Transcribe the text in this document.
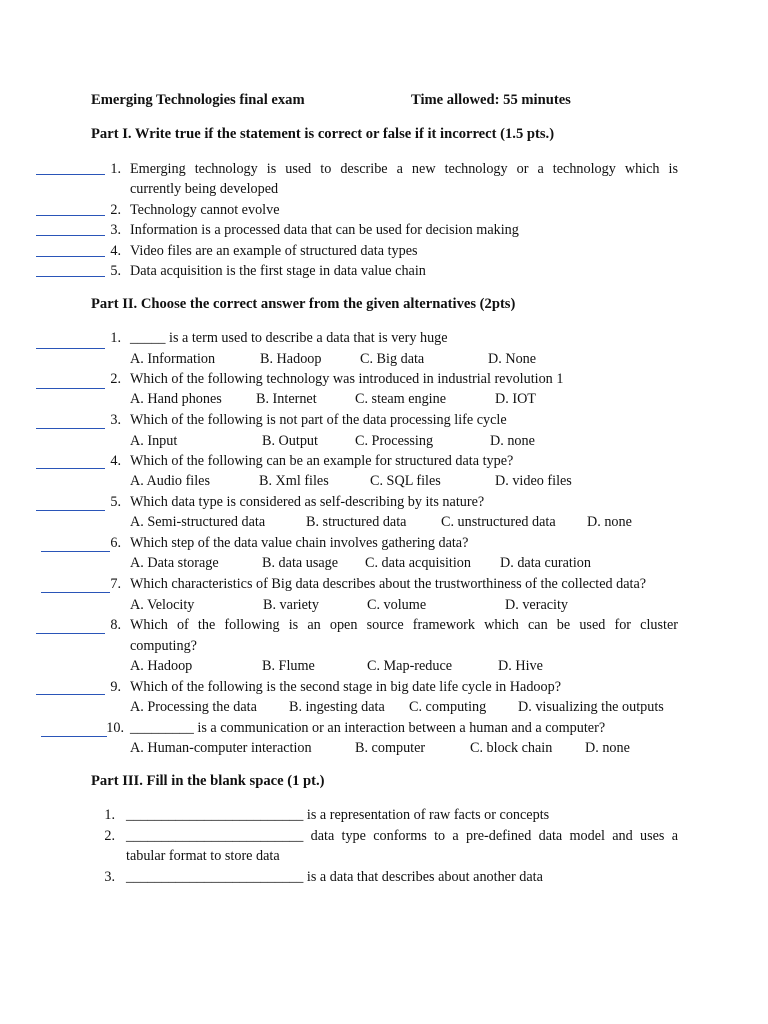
Emerging Technologies final exam	Time allowed: 55 minutes
Part I. Write true if the statement is correct or false if it incorrect (1.5 pts.)
1. Emerging technology is used to describe a new technology or a technology which is
currently being developed
2. Technology cannot evolve
3. Information is a processed data that can be used for decision making
4. Video files are an example of structured data types
5. Data acquisition is the first stage in data value chain
Part II. Choose the correct answer from the given alternatives (2pts)
1. _____ is a term used to describe a data that is very huge
A. Information	B. Hadoop	C. Big data	D. None
2. Which of the following technology was introduced in industrial revolution 1
A. Hand phones B. Internet	C. steam engine	D. IOT
3. Which of the following is not part of the data processing life cycle
A. Input	B. Output	C. Processing	D. none
4. Which of the following can be an example for structured data type?
A. Audio files	B. Xml files	C. SQL files	D. video files
5. Which data type is considered as self-describing by its nature?
A. Semi-structured data	B. structured data C. unstructured data D. none
6. Which step of the data value chain involves gathering data?
A. Data storage	B. data usage C. data acquisition D. data curation
7. Which characteristics of Big data describes about the trustworthiness of the collected data?
A. Velocity	B. variety	C. volume	D. veracity
8. Which of the following is an open source framework which can be used for cluster
computing?
A. Hadoop	B. Flume	C. Map-reduce	D. Hive
9. Which of the following is the second stage in big date life cycle in Hadoop?
A. Processing the data B. ingesting data C. computing D. visualizing the outputs
10. _________ is a communication or an interaction between a human and a computer?
A. Human-computer interaction	B. computer	C. block chain D. none
Part III. Fill in the blank space (1 pt.)
1. _________________________ is a representation of raw facts or concepts
2. _________________________ data type conforms to a pre-defined data model and uses a
tabular format to store data
3. _________________________ is a data that describes about another data
